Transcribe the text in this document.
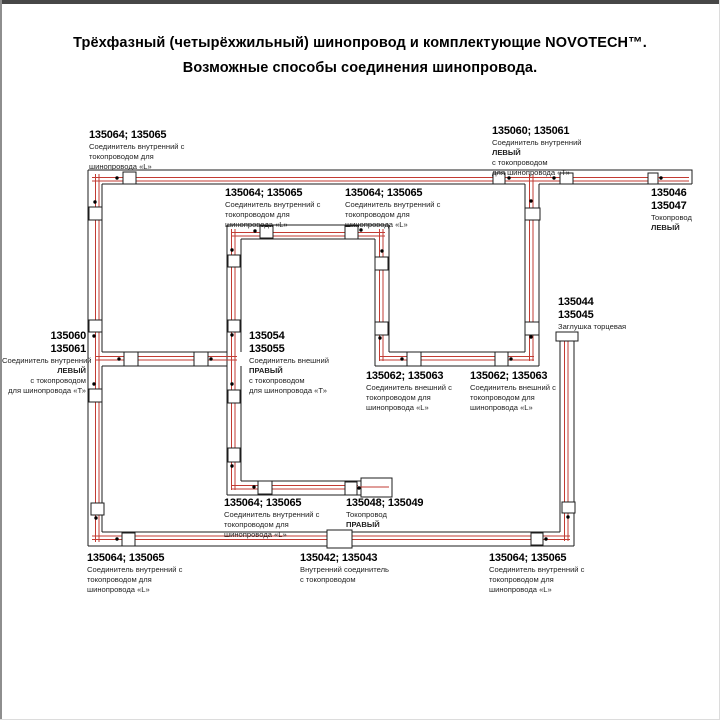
Трёхфазный (четырёхжильный) шинопровод и комплектующие NOVOTECH™.
Возможные способы соединения шинопровода.
135064; 135065
Соединитель внутренний с
токопроводом для
шинопровода «L»
135064; 135065
Соединитель внутренний с
токопроводом для
шинопровода «L»
135064; 135065
Соединитель внутренний с
токопроводом для
шинопровода «L»
135060; 135061
Соединитель внутренний
ЛЕВЫЙ
с токопроводом
для шинопровода «Т»
135046
135047
Токопровод
ЛЕВЫЙ
135060
135061
Соединитель внутренний
ЛЕВЫЙ
с токопроводом
для шинопровода «Т»
135054
135055
Соединитель внешний
ПРАВЫЙ
с токопроводом
для шинопровода «Т»
135044
135045
Заглушка торцевая
135062; 135063
Соединитель внешний с
токопроводом для
шинопровода «L»
135062; 135063
Соединитель внешний с
токопроводом для
шинопровода «L»
135064; 135065
Соединитель внутренний с
токопроводом для
шинопровода «L»
135048; 135049
Токопровод
ПРАВЫЙ
135064; 135065
Соединитель внутренний с
токопроводом для
шинопровода «L»
135042; 135043
Внутренний соединитель
с токопроводом
135064; 135065
Соединитель внутренний с
токопроводом для
шинопровода «L»
